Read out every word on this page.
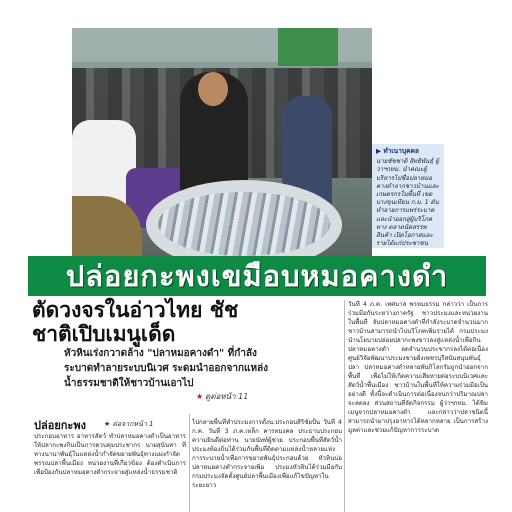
▶ ทำเนาบุคคล
นายชัชชาติ สิทธิพันธุ์ ผู้ว่าฯกทม. นำคณะผู้บริหารไปชื่อปลาหมอคางดำจากชาวบ้านและเกษตรกรในพื้นที่ เขตบางขุนเทียน ก.ม. 1 ดัน ทำลายการแพร่ระบาดและนำออกสู่ผู้บริโภคทาง ตลาดนัดสรรพสินค้า เปิดโอกาสและรายได้แก่ประชาชน
ปล่อยกะพงเขมือบหมอคางดำ
ตัดวงจรในอ่าวไทย ชัชชาติเปิบเมนูเด็ด
หัวหินเร่งกวาดล้าง "ปลาหมอคางดำ" ที่กำลังระบาดทำลายระบบนิเวศ ระดมนำออกจากแหล่งน้ำธรรมชาติให้ชาวบ้านเอาไป
★ ดูต่อหน้า 11
ปล่อยกะพง	★ ต่อจากหน้า 1
ประกอบอาหาร อาหารสัตว์ ทำปลาหมอคางดำเป็นอาหารให้ปลากะพงกินเป็นการควบคุมประชากร นายสุนันทา ทีทางนานาพันธุ์ในแหล่งน้ำกำจัดขยายพันธุ์ทางแผงกำจัดพรรณปลาพื้นเมือง หน่วยงานที่เกี่ยวข้อง ต้องดำเนินการเพื่อป้องกันปลาหมอคางดำกระจายสู่แหล่งน้ำธรรมชาติ
ไปกลายพื้นที่ทำประมงการตั้งน.ประกอบสิริชัยปั้น วันที่ 4 ก.ค. วันที่ 3 ภ.ค.เหล็ก คารทมงคล ประธานประกอบความยินดีต่อท่าน นายนัทท์ผู้ช่วย ประกอบพื้นที่สัตว์น้ำ ประมงท้องถิ่นได้ร่วมกันพื้นที่ติดตามแหล่งน้ำหลายแห่ง การระบายน้ำเพื่อการขยายพันธุ์ประกอบด้วย หัวหินบ่อ ปลาหมอคางดำกระจายเพิ่ม ประมงหัวหินได้ร่วมมือกับกรมประมงจัดตั้งศูนย์ปลาพื้นเมืองเพื่อแก้ไขปัญหาในระยะยาว
วันที่ 4 ภ.ค. เทศบาล พรหมธรรม กล่าวว่า เป็นการร่วมมือกันระหว่างภาครัฐ ชาวประมงและหน่วยงานในพื้นที่ จับปลาหมอคางดำที่กำลังระบาดจำนวนมาก ชาวบ้านสามารถนำไปบริโภคเพิ่มรายได้ กรมประมงนำนโยบายปล่อยปลากะพงขาวลงสู่แหล่งน้ำเพื่อกินปลาหมอคางดำ ลดจำนวนประชากรลงได้ต่อเนื่อง ศูนย์วิจัยพัฒนาประมงชายฝั่งเพชรบุรีสนับสนุนพันธุ์ปลา ปลาหมอคางดำหลายพันกิโลกรัมถูกนำออกจากพื้นที่ เพื่อไม่ให้เกิดความเสียหายต่อระบบนิเวศและสัตว์น้ำพื้นเมือง ชาวบ้านในพื้นที่ให้ความร่วมมือเป็นอย่างดี ทั้งนี้จะดำเนินการต่อเนื่องจนกว่าปริมาณปลาจะลดลง ส่วนสถานที่จัดกิจกรรม ผู้ว่าฯกทม. ได้ชิมเมนูจากปลาหมอคางดำ และกล่าวว่าปลาชนิดนี้สามารถนำมาปรุงอาหารได้หลากหลาย เป็นการสร้างมูลค่าและช่วยแก้ปัญหาการระบาด
